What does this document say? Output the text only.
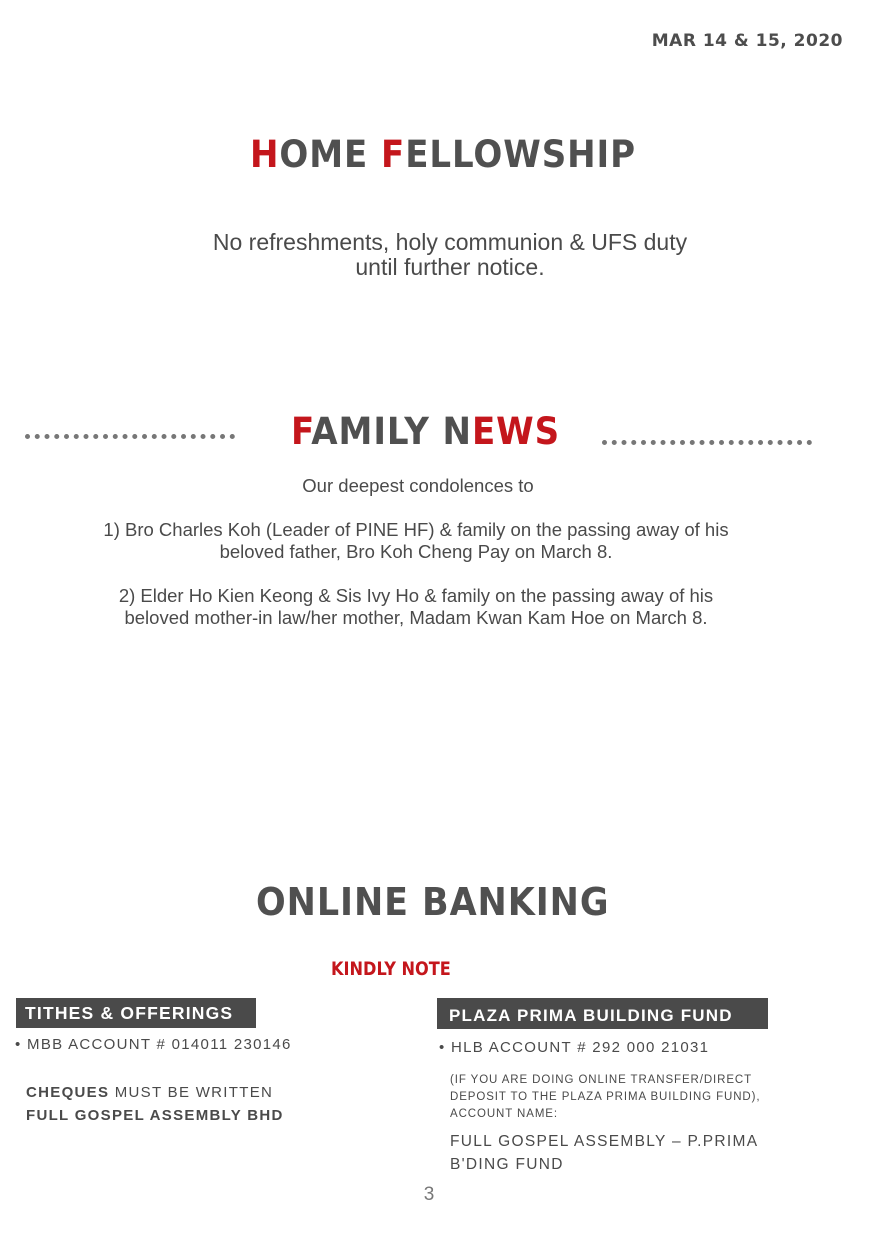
MAR 14 & 15, 2020
HOME FELLOWSHIP
No refreshments, holy communion & UFS duty
until further notice.
FAMILY NEWS
Our deepest condolences to
1) Bro Charles Koh (Leader of PINE HF) & family on the passing away of his
beloved father, Bro Koh Cheng Pay on March 8.
2) Elder Ho Kien Keong & Sis Ivy Ho & family on the passing away of his
beloved mother-in law/her mother, Madam Kwan Kam Hoe on March 8.
ONLINE BANKING
KINDLY NOTE
TITHES & OFFERINGS
• MBB ACCOUNT # 014011 230146
CHEQUES MUST BE WRITTEN
FULL GOSPEL ASSEMBLY BHD
PLAZA PRIMA BUILDING FUND
• HLB ACCOUNT # 292 000 21031
(IF YOU ARE DOING ONLINE TRANSFER/DIRECT
DEPOSIT TO THE PLAZA PRIMA BUILDING FUND),
ACCOUNT NAME:
FULL GOSPEL ASSEMBLY – P.PRIMA
B'DING FUND
3
